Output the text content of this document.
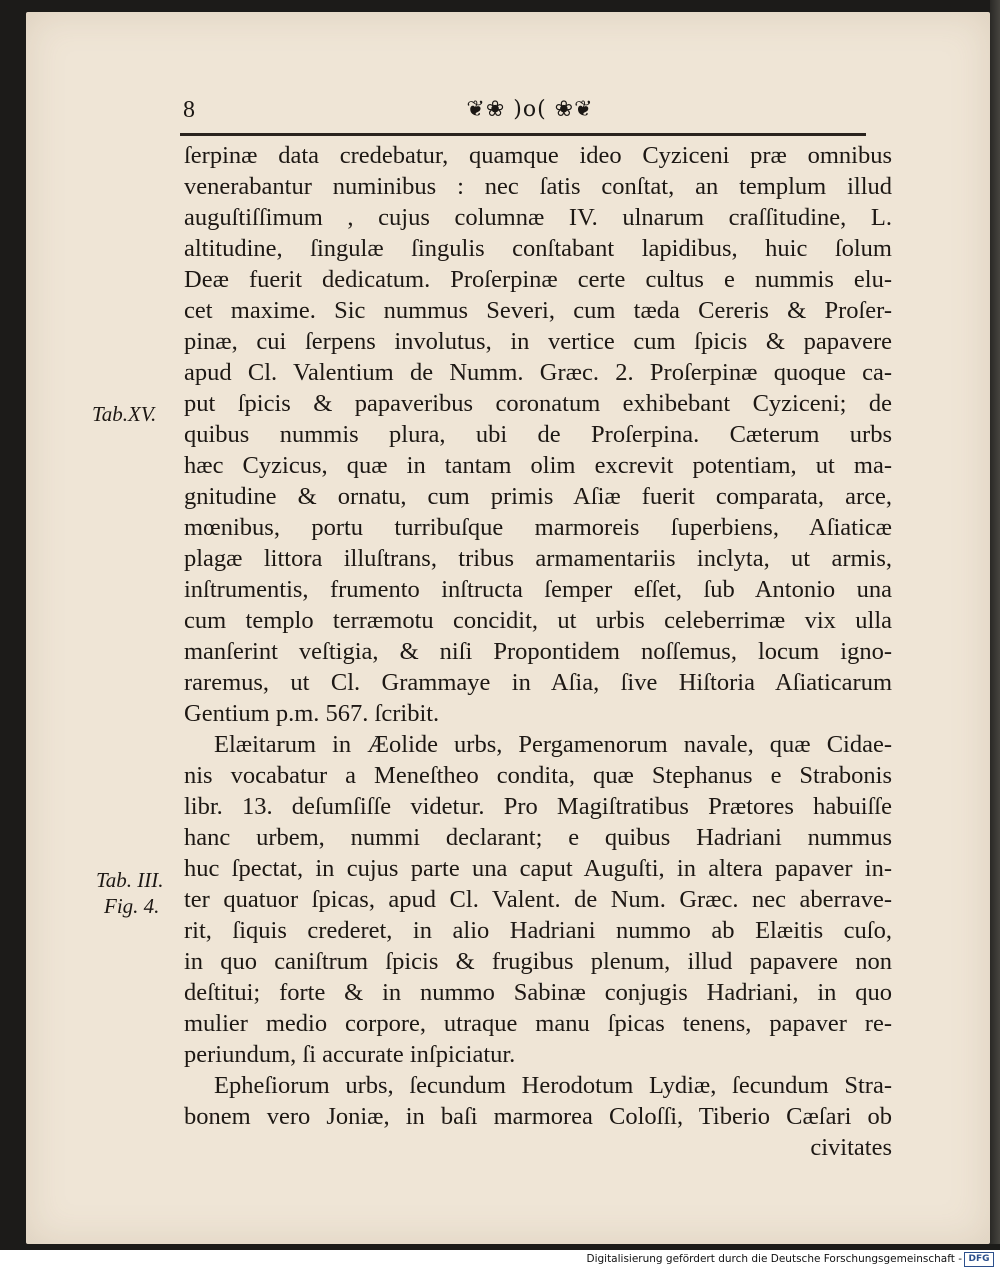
8	❦❀ )o( ❀❦
Tab.XV.
Tab. III.
Fig. 4.
ſerpinæ data credebatur, quamque ideo Cyziceni præ omnibus
venerabantur numinibus : nec ſatis conſtat, an templum illud
auguſtiſſimum , cujus columnæ IV. ulnarum craſſitudine, L.
altitudine, ſingulæ ſingulis conſtabant lapidibus, huic ſolum
Deæ fuerit dedicatum. Proſerpinæ certe cultus e nummis elu-
cet maxime. Sic nummus Severi, cum tæda Cereris & Proſer-
pinæ, cui ſerpens involutus, in vertice cum ſpicis & papavere
apud Cl. Valentium de Numm. Græc. 2. Proſerpinæ quoque ca-
put ſpicis & papaveribus coronatum exhibebant Cyziceni; de
quibus nummis plura, ubi de Proſerpina. Cæterum urbs
hæc Cyzicus, quæ in tantam olim excrevit potentiam, ut ma-
gnitudine & ornatu, cum primis Aſiæ fuerit comparata, arce,
mœnibus, portu turribuſque marmoreis ſuperbiens, Aſiaticæ
plagæ littora illuſtrans, tribus armamentariis inclyta, ut armis,
inſtrumentis, frumento inſtructa ſemper eſſet, ſub Antonio una
cum templo terræmotu concidit, ut urbis celeberrimæ vix ulla
manſerint veſtigia, & niſi Propontidem noſſemus, locum igno-
raremus, ut Cl. Grammaye in Aſia, ſive Hiſtoria Aſiaticarum
Gentium p.m. 567. ſcribit.
Elæitarum in Æolide urbs, Pergamenorum navale, quæ Cidae-
nis vocabatur a Meneſtheo condita, quæ Stephanus e Strabonis
libr. 13. deſumſiſſe videtur. Pro Magiſtratibus Prætores habuiſſe
hanc urbem, nummi declarant; e quibus Hadriani nummus
huc ſpectat, in cujus parte una caput Auguſti, in altera papaver in-
ter quatuor ſpicas, apud Cl. Valent. de Num. Græc. nec aberrave-
rit, ſiquis crederet, in alio Hadriani nummo ab Elæitis cuſo,
in quo caniſtrum ſpicis & frugibus plenum, illud papavere non
deſtitui; forte & in nummo Sabinæ conjugis Hadriani, in quo
mulier medio corpore, utraque manu ſpicas tenens, papaver re-
periundum, ſi accurate inſpiciatur.
Epheſiorum urbs, ſecundum Herodotum Lydiæ, ſecundum Stra-
bonem vero Joniæ, in baſi marmorea Coloſſi, Tiberio Cæſari ob
civitates
Digitalisierung gefördert durch die Deutsche Forschungsgemeinschaft - DFG
